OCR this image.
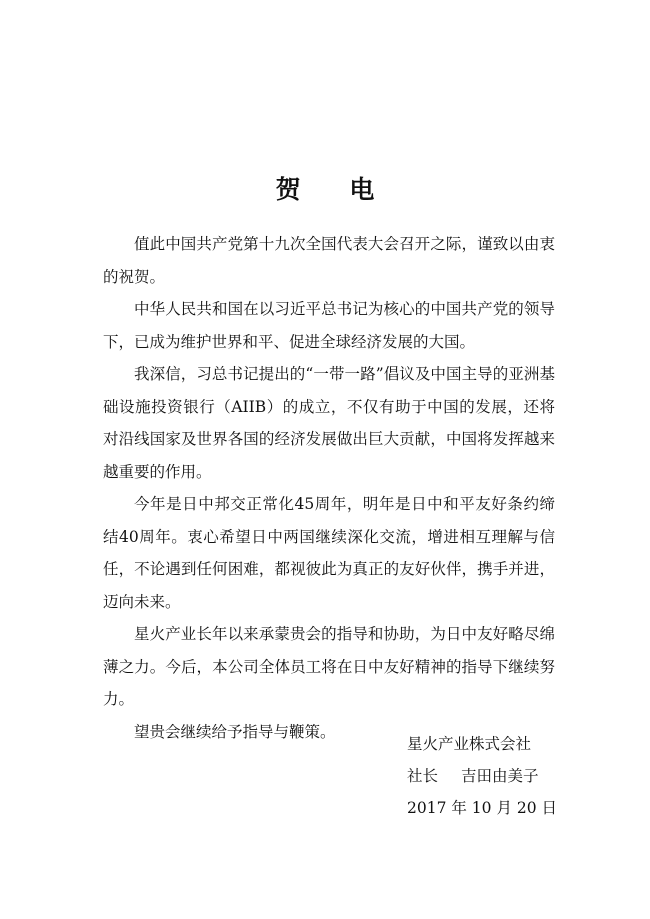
贺 电

值此中国共产党第十九次全国代表大会召开之际，谨致以由衷的祝贺。

中华人民共和国在以习近平总书记为核心的中国共产党的领导下，已成为维护世界和平、促进全球经济发展的大国。

我深信，习总书记提出的“一带一路”倡议及中国主导的亚洲基础设施投资银行（AIIB）的成立，不仅有助于中国的发展，还将对沿线国家及世界各国的经济发展做出巨大贡献，中国将发挥越来越重要的作用。

今年是日中邦交正常化45周年，明年是日中和平友好条约缔结40周年。衷心希望日中两国继续深化交流，增进相互理解与信任，不论遇到任何困难，都视彼此为真正的友好伙伴，携手并进，迈向未来。

星火产业长年以来承蒙贵会的指导和协助，为日中友好略尽绵薄之力。今后，本公司全体员工将在日中友好精神的指导下继续努力。

望贵会继续给予指导与鞭策。

星火产业株式会社
社长 吉田由美子
2017 年 10 月 20 日
